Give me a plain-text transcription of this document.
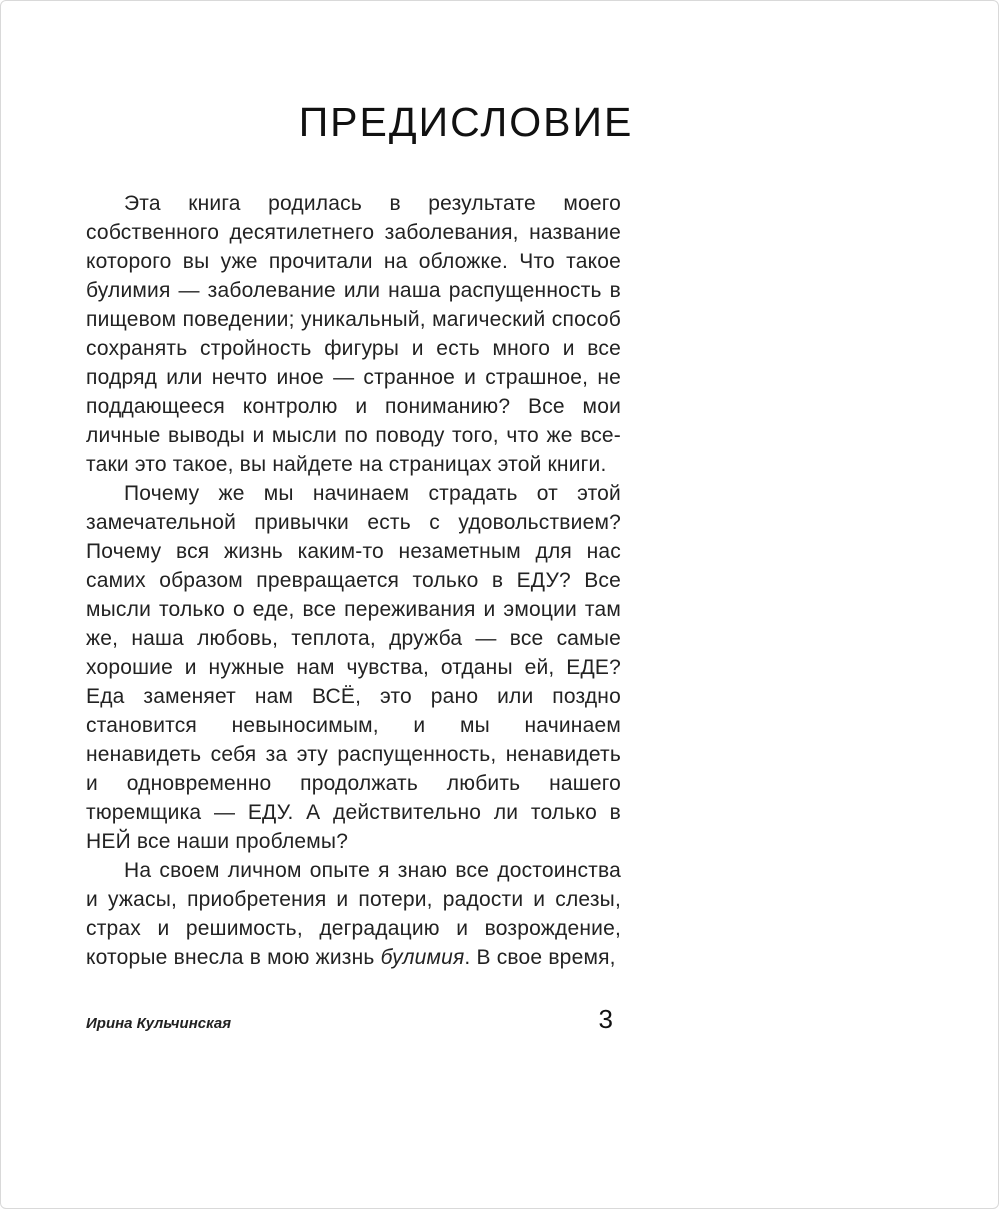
ПРЕДИСЛОВИЕ

Эта книга родилась в результате моего собственного десятилетнего заболевания, название которого вы уже прочитали на обложке. Что такое булимия — заболевание или наша распущенность в пищевом поведении; уникальный, магический способ сохранять стройность фигуры и есть много и все подряд или нечто иное — странное и страшное, не поддающееся контролю и пониманию? Все мои личные выводы и мысли по поводу того, что же все-таки это такое, вы найдете на страницах этой книги.

Почему же мы начинаем страдать от этой замечательной привычки есть с удовольствием? Почему вся жизнь каким-то незаметным для нас самих образом превращается только в ЕДУ? Все мысли только о еде, все переживания и эмоции там же, наша любовь, теплота, дружба — все самые хорошие и нужные нам чувства, отданы ей, ЕДЕ? Еда заменяет нам ВСЁ, это рано или поздно становится невыносимым, и мы начинаем ненавидеть себя за эту распущенность, ненавидеть и одновременно продолжать любить нашего тюремщика — ЕДУ. А действительно ли только в НЕЙ все наши проблемы?

На своем личном опыте я знаю все достоинства и ужасы, приобретения и потери, радости и слезы, страх и решимость, деградацию и возрождение, которые внесла в мою жизнь булимия. В свое время,

Ирина Кульчинская	3
